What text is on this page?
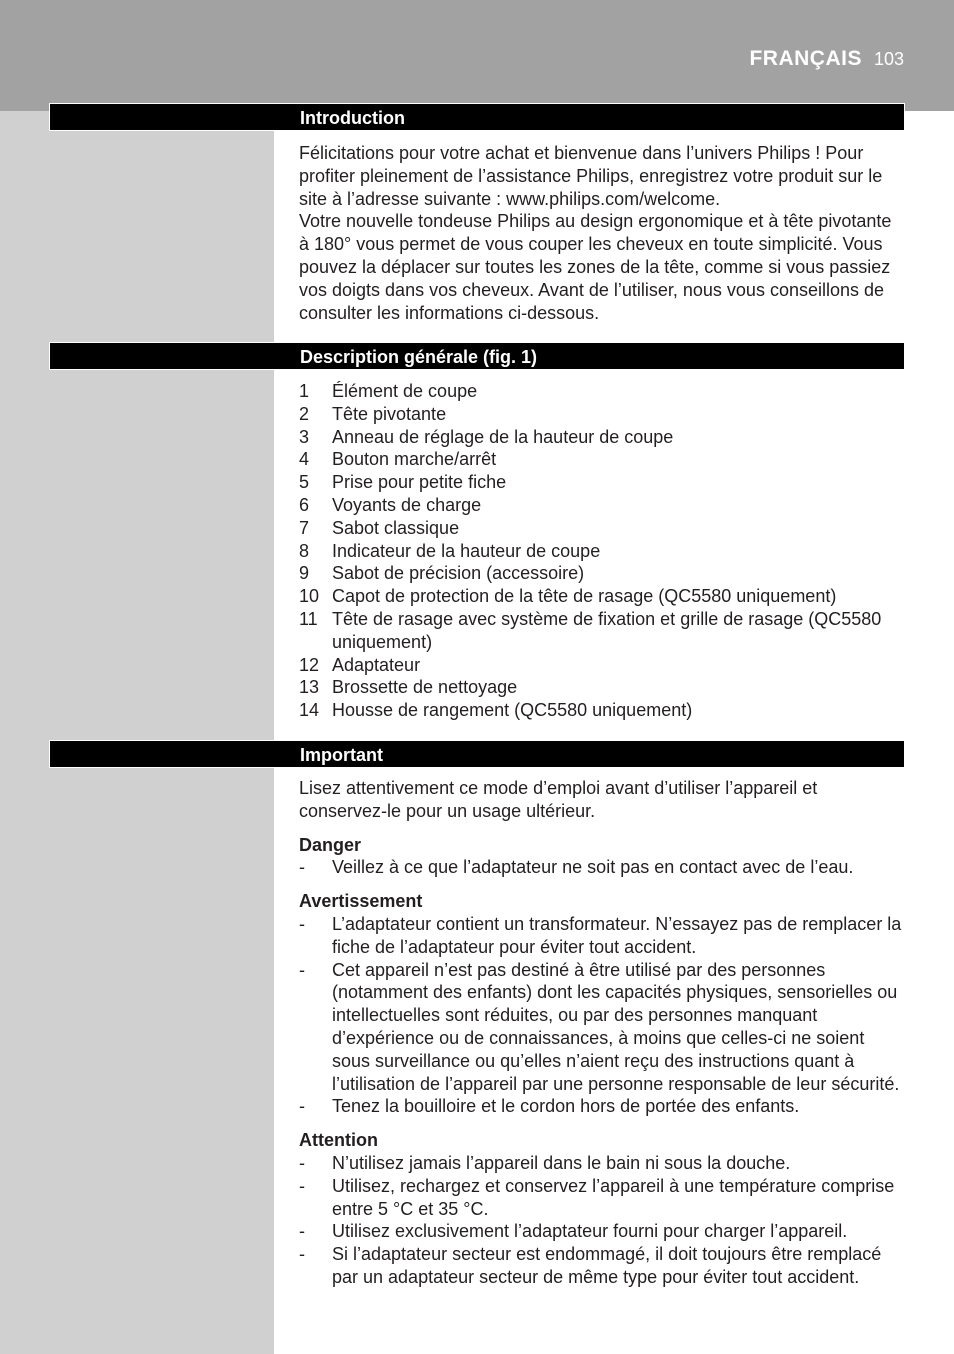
FRANÇAIS 103
Introduction

Félicitations pour votre achat et bienvenue dans l’univers Philips ! Pour profiter pleinement de l’assistance Philips, enregistrez votre produit sur le site à l’adresse suivante : www.philips.com/welcome.

Votre nouvelle tondeuse Philips au design ergonomique et à tête pivotante à 180° vous permet de vous couper les cheveux en toute simplicité. Vous pouvez la déplacer sur toutes les zones de la tête, comme si vous passiez vos doigts dans vos cheveux. Avant de l’utiliser, nous vous conseillons de consulter les informations ci-dessous.

Description générale (fig. 1)
1 Élément de coupe
2 Tête pivotante
3 Anneau de réglage de la hauteur de coupe
4 Bouton marche/arrêt
5 Prise pour petite fiche
6 Voyants de charge
7 Sabot classique
8 Indicateur de la hauteur de coupe
9 Sabot de précision (accessoire)
10 Capot de protection de la tête de rasage (QC5580 uniquement)
11 Tête de rasage avec système de fixation et grille de rasage (QC5580 uniquement)
12 Adaptateur
13 Brossette de nettoyage
14 Housse de rangement (QC5580 uniquement)
Important

Lisez attentivement ce mode d’emploi avant d’utiliser l’appareil et conservez-le pour un usage ultérieur.

Danger
- Veillez à ce que l’adaptateur ne soit pas en contact avec de l’eau.
Avertissement
- L’adaptateur contient un transformateur. N’essayez pas de remplacer la fiche de l’adaptateur pour éviter tout accident.
- Cet appareil n’est pas destiné à être utilisé par des personnes (notamment des enfants) dont les capacités physiques, sensorielles ou intellectuelles sont réduites, ou par des personnes manquant d’expérience ou de connaissances, à moins que celles-ci ne soient sous surveillance ou qu’elles n’aient reçu des instructions quant à l’utilisation de l’appareil par une personne responsable de leur sécurité.
- Tenez la bouilloire et le cordon hors de portée des enfants.
Attention
- N’utilisez jamais l’appareil dans le bain ni sous la douche.
- Utilisez, rechargez et conservez l’appareil à une température comprise entre 5 °C et 35 °C.
- Utilisez exclusivement l’adaptateur fourni pour charger l’appareil.
- Si l’adaptateur secteur est endommagé, il doit toujours être remplacé par un adaptateur secteur de même type pour éviter tout accident.
